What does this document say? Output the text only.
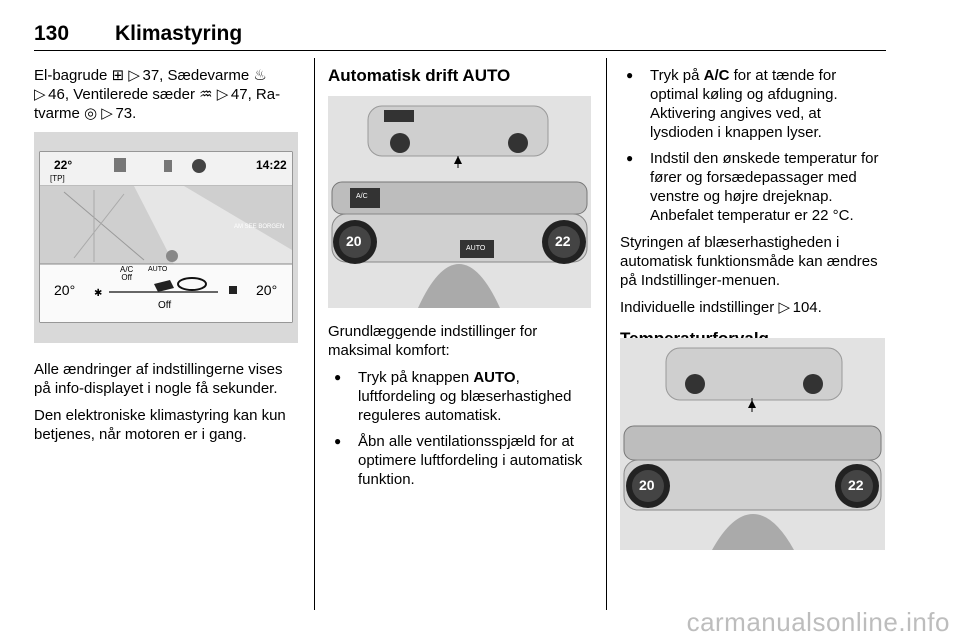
130 Klimastyring

El-bagrude ⊞ ▷ 37, Sædevarme ♨
▷ 46, Ventilerede sæder ♒ ▷ 47, Ra-
tvarme ◎ ▷ 73.

22°
[TP]
14:22
AM SEE BORGEN
20°	20°
A/C
Off
AUTO
✱
Off

Alle ændringer af indstillingerne vises på info-displayet i nogle få sekunder.

Den elektroniske klimastyring kan kun betjenes, når motoren er i gang.

Automatisk drift AUTO

20	22
A/C
AUTO

Grundlæggende indstillinger for maksimal komfort:

● Tryk på knappen AUTO, luftfordeling og blæserhastighed reguleres automatisk.
● Åbn alle ventilationsspjæld for at optimere luftfordeling i automatisk funktion.
● Tryk på A/C for at tænde for optimal køling og afdugning. Aktivering angives ved, at lysdioden i knappen lyser.
● Indstil den ønskede temperatur for fører og forsædepassager med venstre og højre drejeknap. Anbefalet temperatur er 22 °C.

Styringen af blæserhastigheden i automatisk funktionsmåde kan ændres på Indstillinger-menuen.

Individuelle indstillinger ▷ 104.

20	22
carmanualsonline.info
